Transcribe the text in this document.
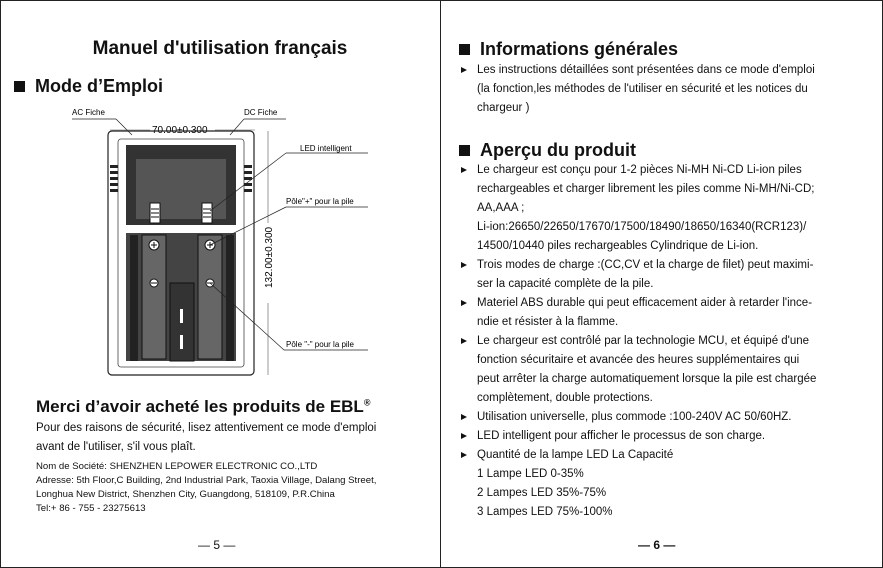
Manuel d'utilisation français
Mode d’Emploi
AC Fiche	DC Fiche
70.00±0.300
132.00±0.300
LED intelligent
Pôle"+" pour la pile
Pôle "-" pour la pile
Merci d’avoir acheté les produits de EBL®
Pour des raisons de sécurité, lisez attentivement ce mode d'emploi
avant de l'utiliser, s'il vous plaît.
Nom de Société: SHENZHEN LEPOWER ELECTRONIC CO.,LTD
Adresse: 5th Floor,C Building, 2nd Industrial Park, Taoxia Village, Dalang Street,
Longhua New District, Shenzhen City, Guangdong, 518109, P.R.China
Tel:+ 86 - 755 - 23275613
— 5 —
Informations générales
Les instructions détaillées sont présentées dans ce mode d'emploi
(la fonction,les méthodes de l'utiliser en sécurité et les notices du
chargeur )
Aperçu du produit
Le chargeur est conçu pour 1-2 pièces Ni-MH Ni-CD Li-ion piles
rechargeables et charger librement les piles comme Ni-MH/Ni-CD;
AA,AAA ;
Li-ion:26650/22650/17670/17500/18490/18650/16340(RCR123)/
14500/10440 piles rechargeables Cylindrique de Li-ion.
Trois modes de charge :(CC,CV et la charge de filet) peut maximi-
ser la capacité complète de la pile.
Materiel ABS durable qui peut efficacement aider à retarder l'ince-
ndie et résister à la flamme.
Le chargeur est contrôlé par la technologie MCU, et équipé d'une
fonction sécuritaire et avancée des heures supplémentaires qui
peut arrêter la charge automatiquement lorsque la pile est chargée
complètement, double protections.
Utilisation universelle, plus commode :100-240V AC 50/60HZ.
LED intelligent pour afficher le processus de son charge.
Quantité de la lampe LED La Capacité
1 Lampe LED 0-35%
2 Lampes LED 35%-75%
3 Lampes LED 75%-100%
— 6 —
